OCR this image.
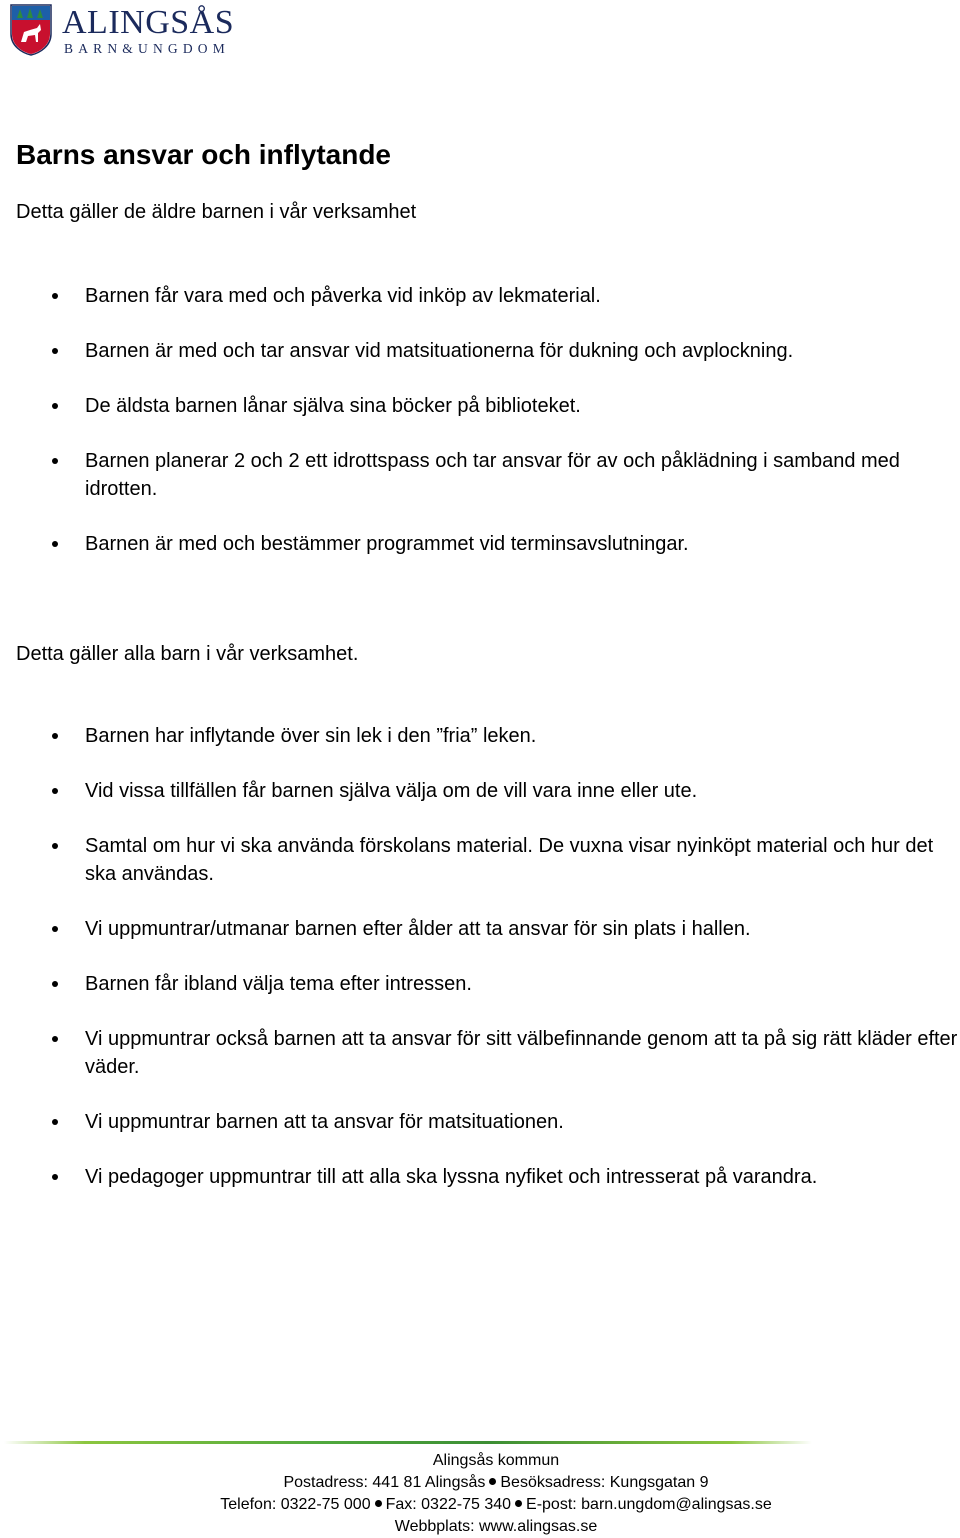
ALINGSÅS
BARN&UNGDOM
Barns ansvar och inflytande

Detta gäller de äldre barnen i vår verksamhet

Barnen får vara med och påverka vid inköp av lekmaterial.
Barnen är med och tar ansvar vid matsituationerna för dukning och avplockning.
De äldsta barnen lånar själva sina böcker på biblioteket.
Barnen planerar 2 och 2 ett idrottspass och tar ansvar för av och påklädning i samband med idrotten.
Barnen är med och bestämmer programmet vid terminsavslutningar.

Detta gäller alla barn i vår verksamhet.

Barnen har inflytande över sin lek i den ”fria” leken.
Vid vissa tillfällen får barnen själva välja om de vill vara inne eller ute.
Samtal om hur vi ska använda förskolans material. De vuxna visar nyinköpt material och hur det ska användas.
Vi uppmuntrar/utmanar barnen efter ålder att ta ansvar för sin plats i hallen.
Barnen får ibland välja tema efter intressen.
Vi uppmuntrar också barnen att ta ansvar för sitt välbefinnande genom att ta på sig rätt kläder efter väder.
Vi uppmuntrar barnen att ta ansvar för matsituationen.
Vi pedagoger uppmuntrar till att alla ska lyssna nyfiket och intresserat på varandra.
Alingsås kommun
Postadress: 441 81 Alingsås Besöksadress: Kungsgatan 9
Telefon: 0322-75 000 Fax: 0322-75 340 E-post: barn.ungdom@alingsas.se
Webbplats: www.alingsas.se
